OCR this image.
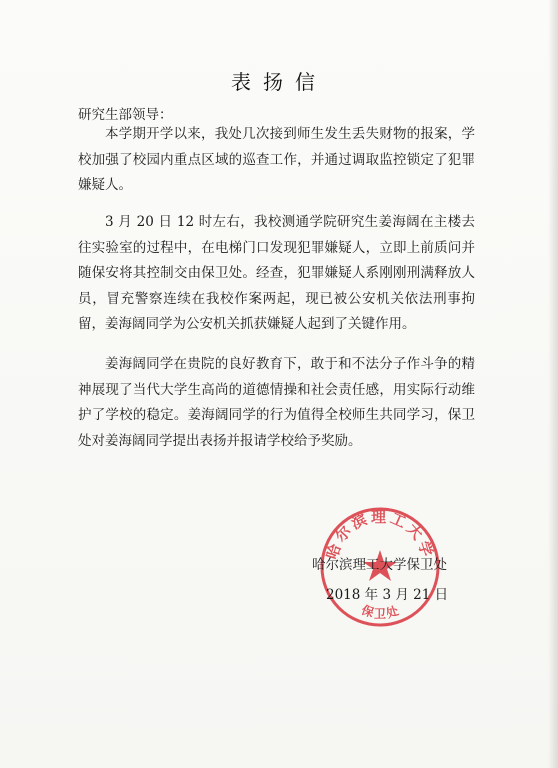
表扬信
研究生部领导：

本学期开学以来，我处几次接到师生发生丢失财物的报案，学校加强了校园内重点区域的巡查工作，并通过调取监控锁定了犯罪嫌疑人。

3 月 20 日 12 时左右，我校测通学院研究生姜海阔在主楼去往实验室的过程中，在电梯门口发现犯罪嫌疑人，立即上前质问并随保安将其控制交由保卫处。经查，犯罪嫌疑人系刚刚刑满释放人员，冒充警察连续在我校作案两起，现已被公安机关依法刑事拘留，姜海阔同学为公安机关抓获嫌疑人起到了关键作用。

姜海阔同学在贵院的良好教育下，敢于和不法分子作斗争的精神展现了当代大学生高尚的道德情操和社会责任感，用实际行动维护了学校的稳定。姜海阔同学的行为值得全校师生共同学习，保卫处对姜海阔同学提出表扬并报请学校给予奖励。

哈尔滨理工大学
保卫处
哈尔滨理工大学保卫处
2018 年 3 月 21 日
